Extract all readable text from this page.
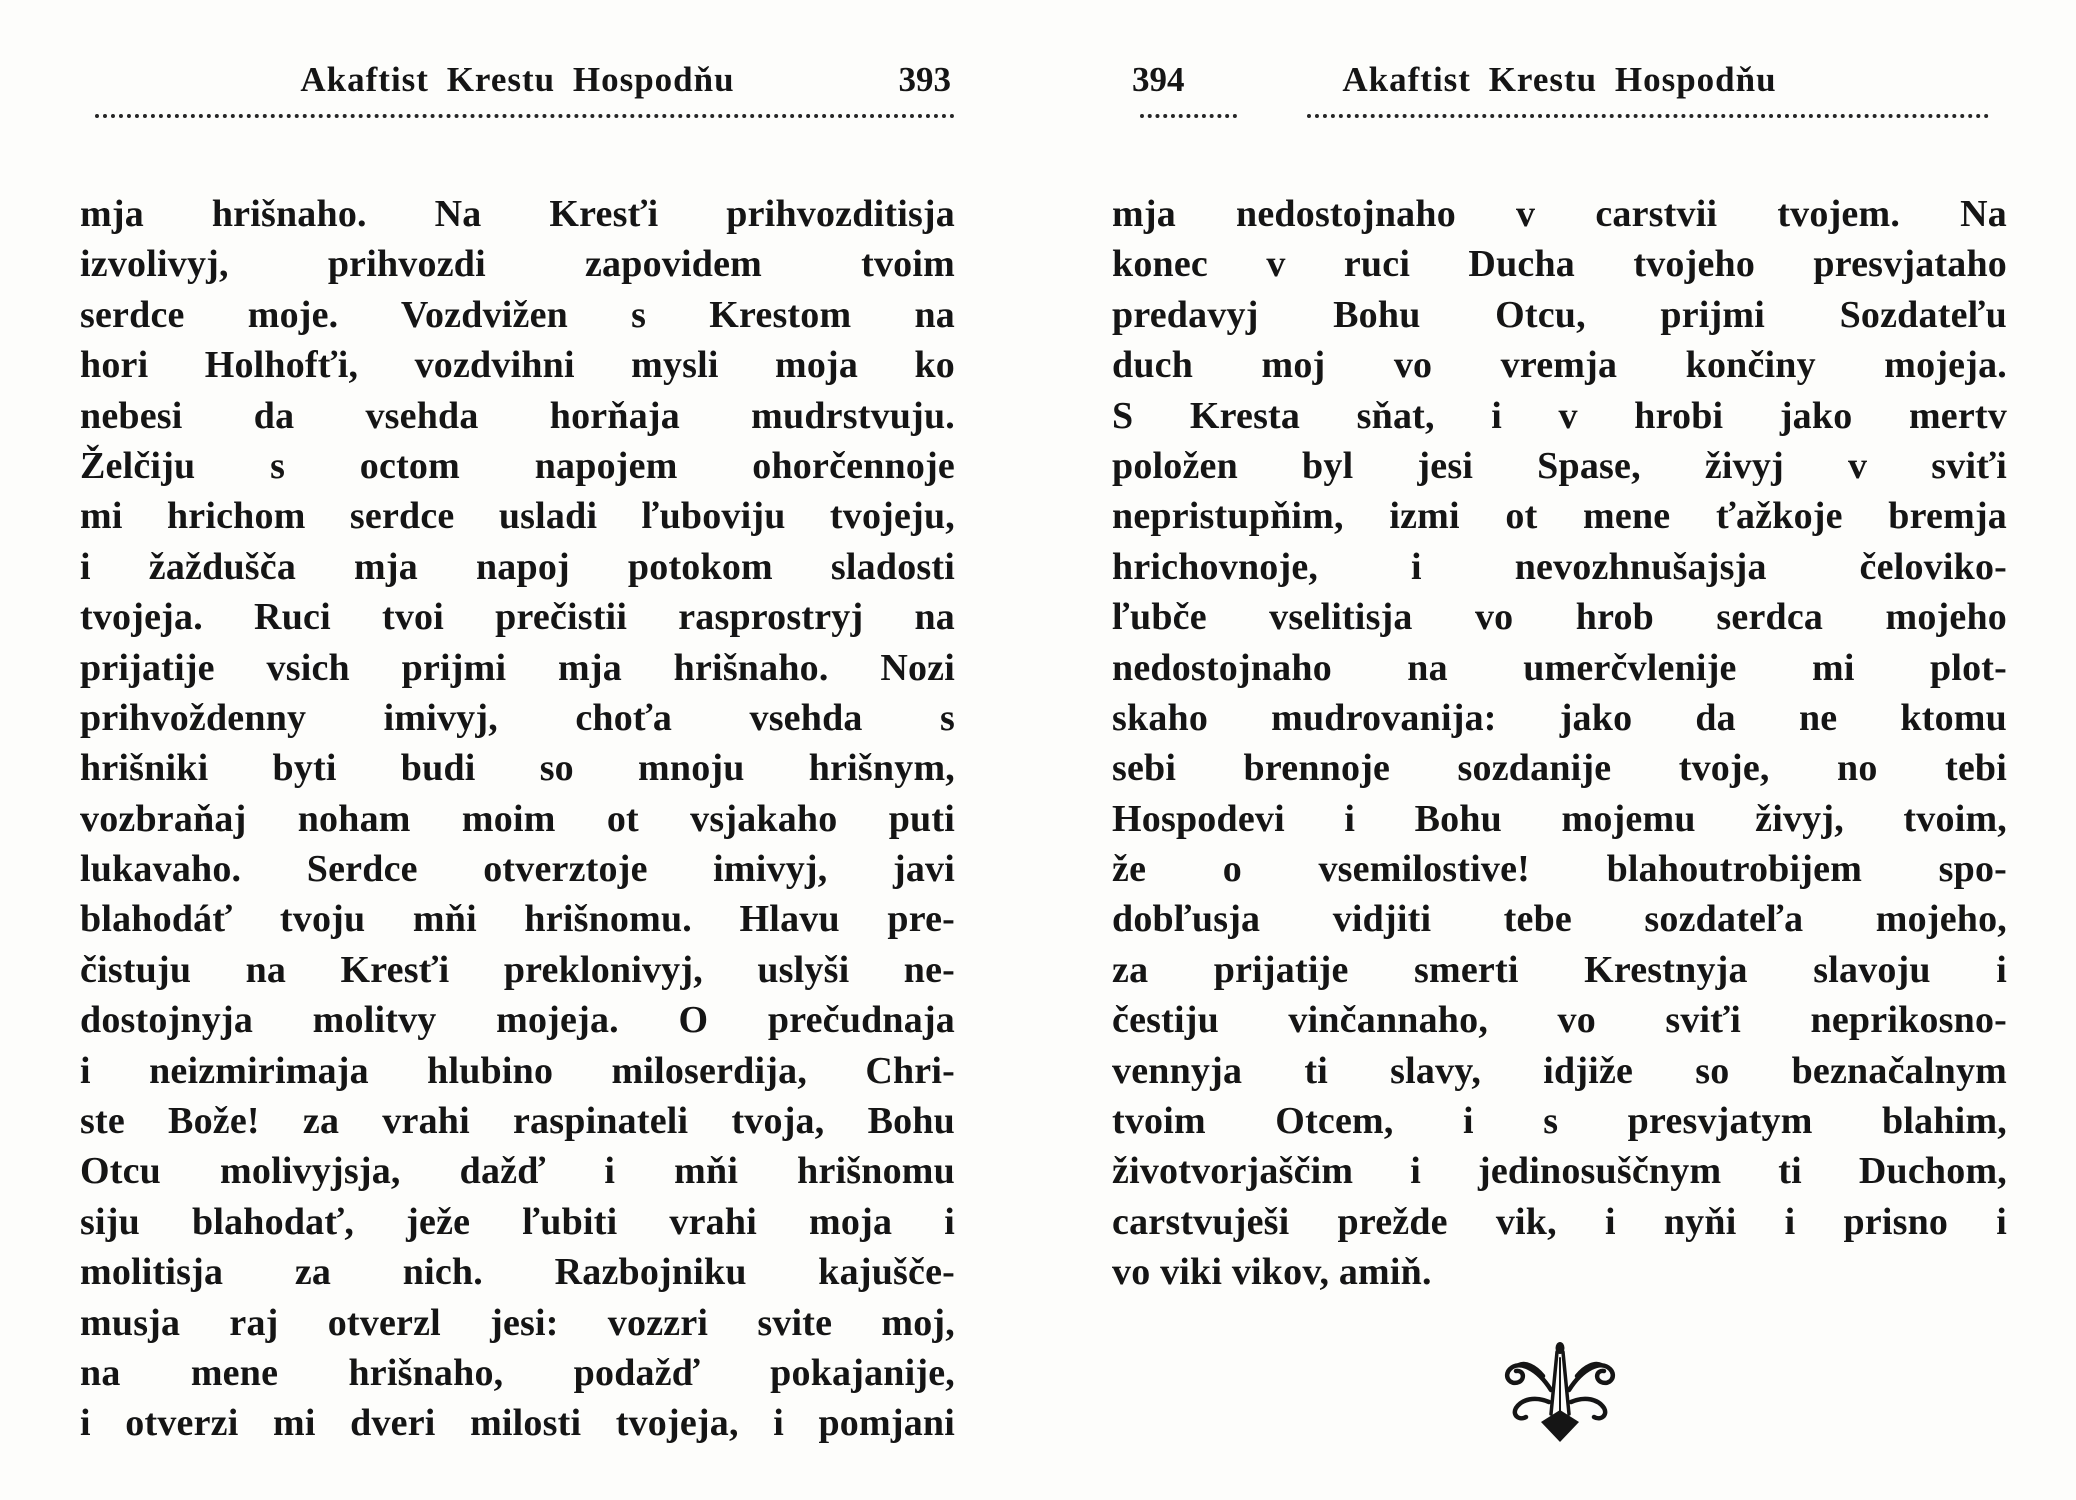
Akaftist Krestu Hospodňu	393
mja hrišnaho. Na Kresťi prihvozditisja
izvolivyj, prihvozdi zapovidem tvoim
serdce moje. Vozdvižen s Krestom na
hori Holhofťi, vozdvihni mysli moja ko
nebesi da vsehda horňaja mudrstvuju.
Želčiju s octom napojem ohorčennoje
mi hrichom serdce usladi ľuboviju tvojeju,
i žaždušča mja napoj potokom sladosti
tvojeja. Ruci tvoi prečistii rasprostryj na
prijatije vsich prijmi mja hrišnaho. Nozi
prihvoždenny imivyj, choťa vsehda s
hrišniki byti budi so mnoju hrišnym,
vozbraňaj noham moim ot vsjakaho puti
lukavaho. Serdce otverztoje imivyj, javi
blahodáť tvoju mňi hrišnomu. Hlavu pre-
čistuju na Kresťi preklonivyj, uslyši ne-
dostojnyja molitvy mojeja. O prečudnaja
i neizmirimaja hlubino miloserdija, Chri-
ste Bože! za vrahi raspinateli tvoja, Bohu
Otcu molivyjsja, dažď i mňi hrišnomu
siju blahodať, ježe ľubiti vrahi moja i
molitisja za nich. Razbojniku kajušče-
musja raj otverzl jesi: vozzri svite moj,
na mene hrišnaho, podažď pokajanije,
i otverzi mi dveri milosti tvojeja, i pomjani
394	Akaftist Krestu Hospodňu
mja nedostojnaho v carstvii tvojem. Na
konec v ruci Ducha tvojeho presvjataho
predavyj Bohu Otcu, prijmi Sozdateľu
duch moj vo vremja končiny mojeja.
S Kresta sňat, i v hrobi jako mertv
položen byl jesi Spase, živyj v sviťi
nepristupňim, izmi ot mene ťažkoje bremja
hrichovnoje, i nevozhnušajsja čeloviko-
ľubče vselitisja vo hrob serdca mojeho
nedostojnaho na umerčvlenije mi plot-
skaho mudrovanija: jako da ne ktomu
sebi brennoje sozdanije tvoje, no tebi
Hospodevi i Bohu mojemu živyj, tvoim,
že o vsemilostive! blahoutrobijem spo-
dobľusja vidjiti tebe sozdateľa mojeho,
za prijatije smerti Krestnyja slavoju i
čestiju vinčannaho, vo sviťi neprikosno-
vennyja ti slavy, idjiže so beznačalnym
tvoim Otcem, i s presvjatym blahim,
životvorjaščim i jedinosuščnym ti Duchom,
carstvuješi prežde vik, i nyňi i prisno i
vo viki vikov, amiň.
